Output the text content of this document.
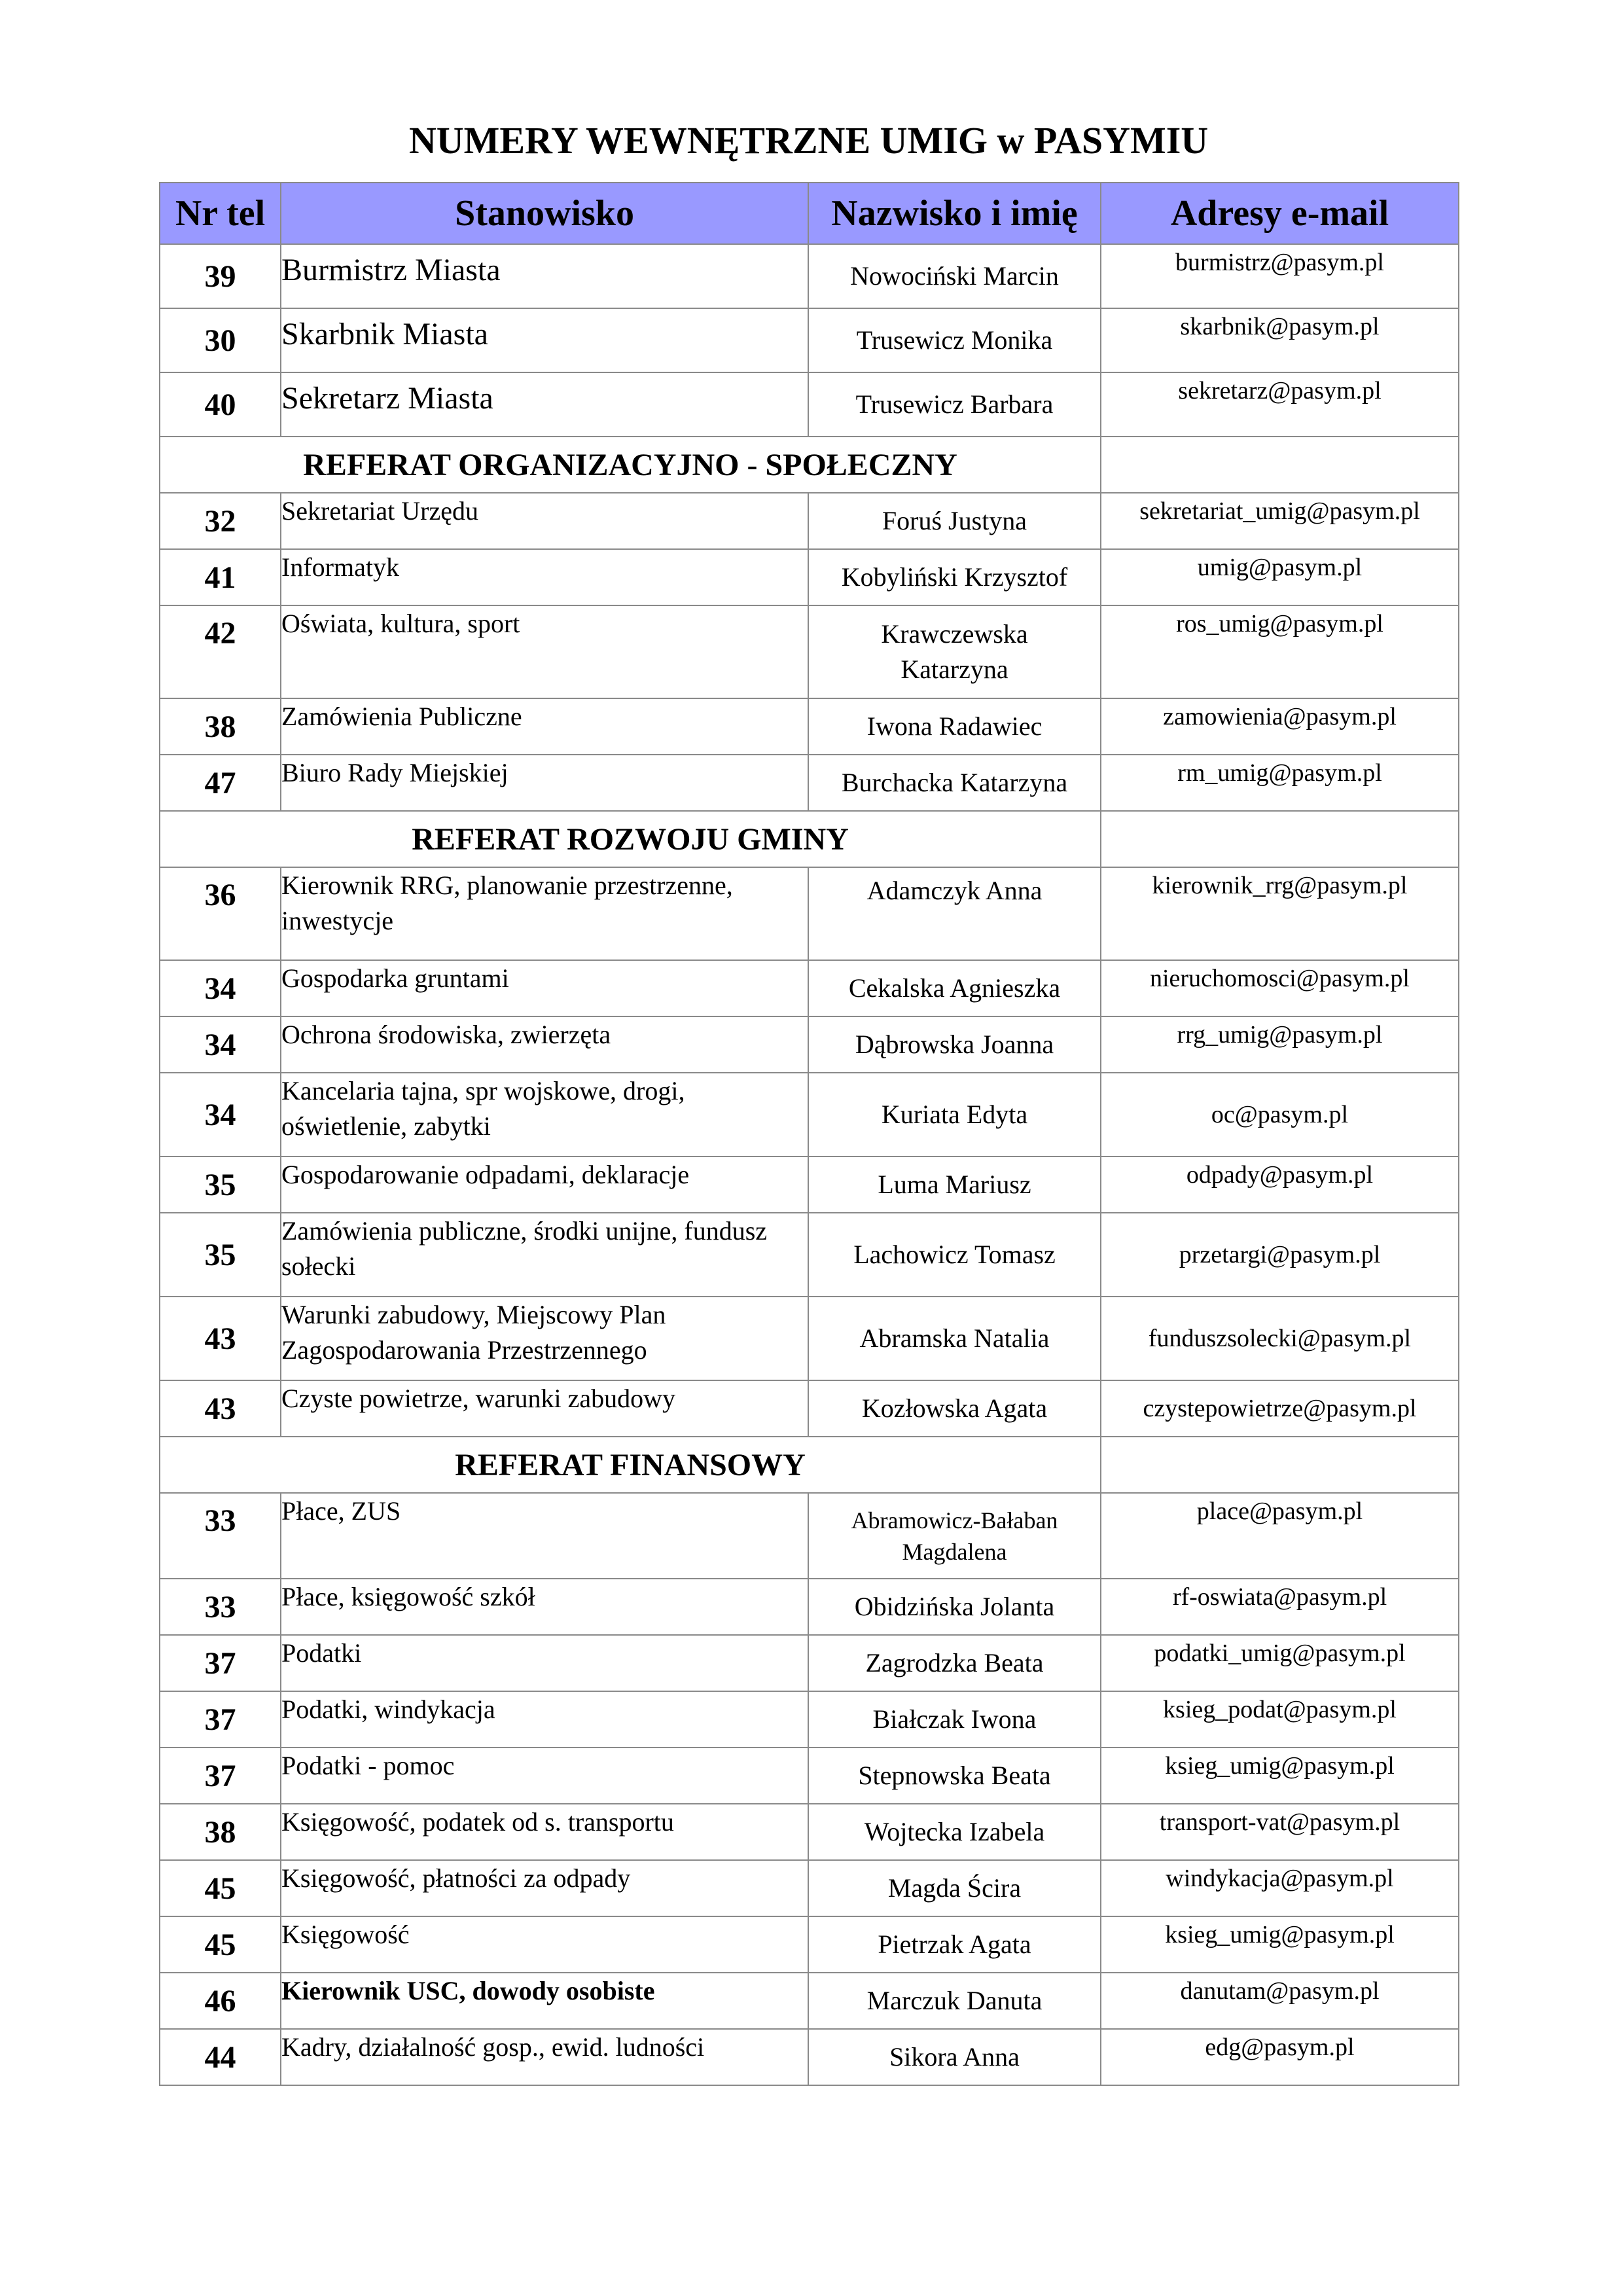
NUMERY WEWNĘTRZNE UMIG w PASYMIU
Nr tel	Stanowisko	Nazwisko i imię	Adresy e-mail
39	Burmistrz Miasta	Nowociński Marcin	burmistrz@pasym.pl
30	Skarbnik Miasta	Trusewicz Monika	skarbnik@pasym.pl
40	Sekretarz Miasta	Trusewicz Barbara	sekretarz@pasym.pl
REFERAT ORGANIZACYJNO - SPOŁECZNY			
32	Sekretariat Urzędu	Foruś Justyna	sekretariat_umig@pasym.pl
41	Informatyk	Kobyliński Krzysztof	umig@pasym.pl
42	Oświata, kultura, sport	Krawczewska Katarzyna	ros_umig@pasym.pl
38	Zamówienia Publiczne	Iwona Radawiec	zamowienia@pasym.pl
47	Biuro Rady Miejskiej	Burchacka Katarzyna	rm_umig@pasym.pl
REFERAT ROZWOJU GMINY			
36	Kierownik RRG, planowanie przestrzenne, inwestycje	Adamczyk Anna	kierownik_rrg@pasym.pl
34	Gospodarka gruntami	Cekalska Agnieszka	nieruchomosci@pasym.pl
34	Ochrona środowiska, zwierzęta	Dąbrowska Joanna	rrg_umig@pasym.pl
34	Kancelaria tajna, spr wojskowe, drogi, oświetlenie, zabytki	Kuriata Edyta	oc@pasym.pl
35	Gospodarowanie odpadami, deklaracje	Luma Mariusz	odpady@pasym.pl
35	Zamówienia publiczne, środki unijne, fundusz sołecki	Lachowicz Tomasz	przetargi@pasym.pl
43	Warunki zabudowy, Miejscowy Plan Zagospodarowania Przestrzennego	Abramska Natalia	funduszsolecki@pasym.pl
43	Czyste powietrze, warunki zabudowy	Kozłowska Agata	czystepowietrze@pasym.pl
REFERAT FINANSOWY			
33	Płace, ZUS	Abramowicz-Bałaban Magdalena	place@pasym.pl
33	Płace, księgowość szkół	Obidzińska Jolanta	rf-oswiata@pasym.pl
37	Podatki	Zagrodzka Beata	podatki_umig@pasym.pl
37	Podatki, windykacja	Białczak Iwona	ksieg_podat@pasym.pl
37	Podatki - pomoc	Stepnowska Beata	ksieg_umig@pasym.pl
38	Księgowość, podatek od s. transportu	Wojtecka Izabela	transport-vat@pasym.pl
45	Księgowość, płatności za odpady	Magda Ścira	windykacja@pasym.pl
45	Księgowość	Pietrzak Agata	ksieg_umig@pasym.pl
46	Kierownik USC, dowody osobiste	Marczuk Danuta	danutam@pasym.pl
44	Kadry, działalność gosp., ewid. ludności	Sikora Anna	edg@pasym.pl
